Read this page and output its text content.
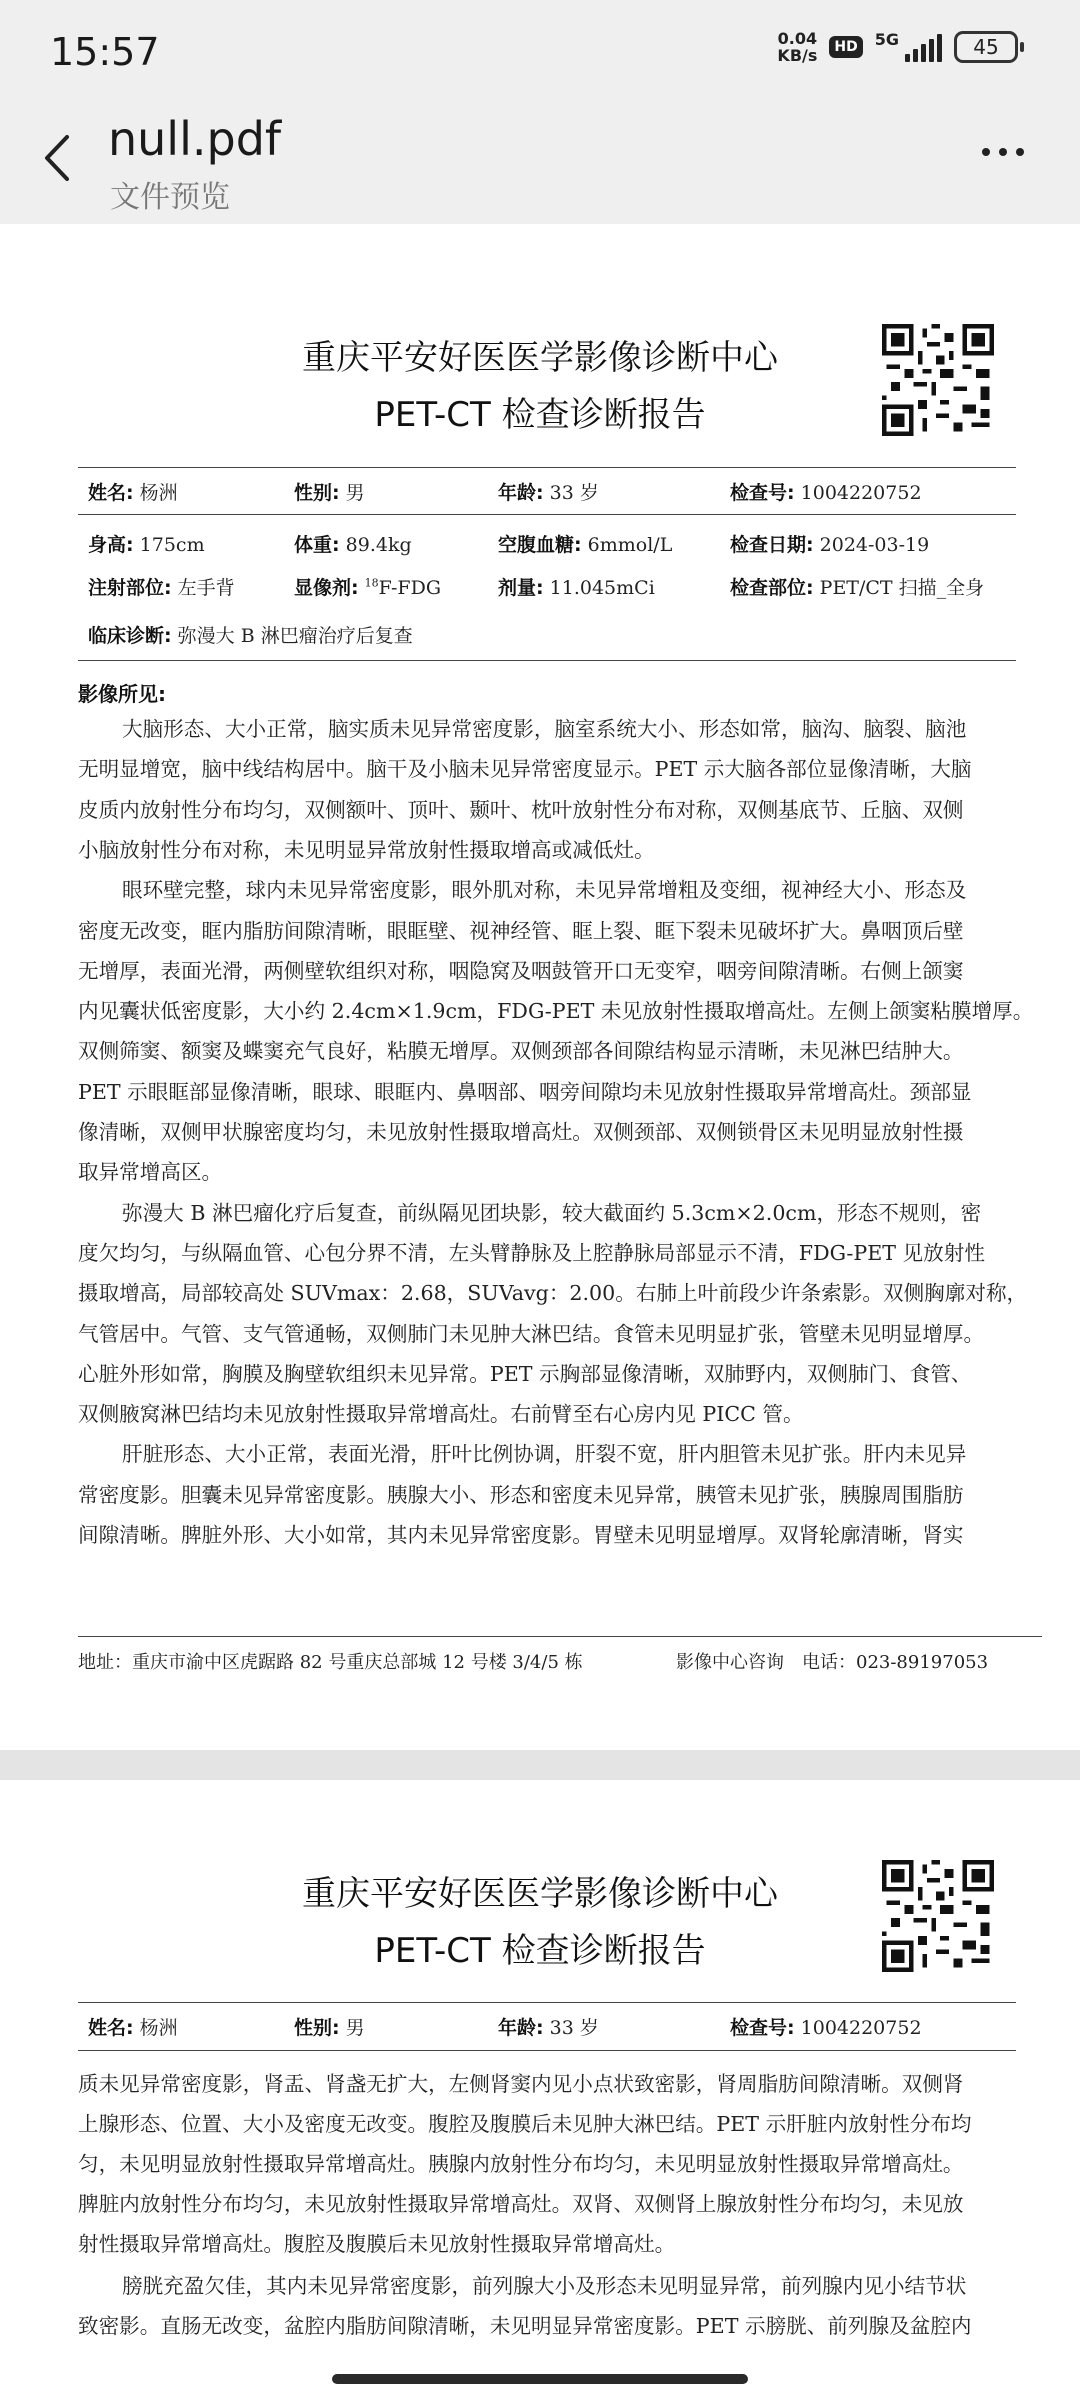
15:57	0.04
KB/s	HD	5G	45
null.pdf
文件预览
重庆平安好医医学影像诊断中心
PET-CT 检查诊断报告
姓名: 杨洲	性别: 男	年龄: 33 岁	检查号: 1004220752
身高: 175cm	体重: 89.4kg	空腹血糖: 6mmol/L	检查日期: 2024-03-19
注射部位: 左手背	显像剂: $^{18}$F-FDG	剂量: 11.045mCi	检查部位: PET/CT 扫描_全身
临床诊断: 弥漫大 B 淋巴瘤治疗后复查
影像所见:
重庆平安好医医学影像诊断中心
PET-CT 检查诊断报告
姓名: 杨洲	性别: 男	年龄: 33 岁	检查号: 1004220752
质未见异常密度影，肾盂、肾盏无扩大，左侧肾窦内见小点状致密影，肾周脂肪间隙清晰。双侧肾
上腺形态、位置、大小及密度无改变。腹腔及腹膜后未见肿大淋巴结。PET 示肝脏内放射性分布均
匀，未见明显放射性摄取异常增高灶。胰腺内放射性分布均匀，未见明显放射性摄取异常增高灶。
脾脏内放射性分布均匀，未见放射性摄取异常增高灶。双肾、双侧肾上腺放射性分布均匀，未见放
射性摄取异常增高灶。腹腔及腹膜后未见放射性摄取异常增高灶。
膀胱充盈欠佳，其内未见异常密度影，前列腺大小及形态未见明显异常，前列腺内见小结节状
致密影。直肠无改变，盆腔内脂肪间隙清晰，未见明显异常密度影。PET 示膀胱、前列腺及盆腔内
大脑形态、大小正常，脑实质未见异常密度影，脑室系统大小、形态如常，脑沟、脑裂、脑池
无明显增宽，脑中线结构居中。脑干及小脑未见异常密度显示。PET 示大脑各部位显像清晰，大脑
皮质内放射性分布均匀，双侧额叶、顶叶、颞叶、枕叶放射性分布对称，双侧基底节、丘脑、双侧
小脑放射性分布对称，未见明显异常放射性摄取增高或减低灶。
眼环壁完整，球内未见异常密度影，眼外肌对称，未见异常增粗及变细，视神经大小、形态及
密度无改变，眶内脂肪间隙清晰，眼眶壁、视神经管、眶上裂、眶下裂未见破坏扩大。鼻咽顶后壁
无增厚，表面光滑，两侧壁软组织对称，咽隐窝及咽鼓管开口无变窄，咽旁间隙清晰。右侧上颌窦
内见囊状低密度影，大小约 2.4cm×1.9cm，FDG-PET 未见放射性摄取增高灶。左侧上颌窦粘膜增厚。
双侧筛窦、额窦及蝶窦充气良好，粘膜无增厚。双侧颈部各间隙结构显示清晰，未见淋巴结肿大。
PET 示眼眶部显像清晰，眼球、眼眶内、鼻咽部、咽旁间隙均未见放射性摄取异常增高灶。颈部显
像清晰，双侧甲状腺密度均匀，未见放射性摄取增高灶。双侧颈部、双侧锁骨区未见明显放射性摄
取异常增高区。
弥漫大 B 淋巴瘤化疗后复查，前纵隔见团块影，较大截面约 5.3cm×2.0cm，形态不规则，密
度欠均匀，与纵隔血管、心包分界不清，左头臂静脉及上腔静脉局部显示不清，FDG-PET 见放射性
摄取增高，局部较高处 SUVmax：2.68，SUVavg：2.00。右肺上叶前段少许条索影。双侧胸廓对称，
气管居中。气管、支气管通畅，双侧肺门未见肿大淋巴结。食管未见明显扩张，管壁未见明显增厚。
心脏外形如常，胸膜及胸壁软组织未见异常。PET 示胸部显像清晰，双肺野内，双侧肺门、食管、
双侧腋窝淋巴结均未见放射性摄取异常增高灶。右前臂至右心房内见 PICC 管。
肝脏形态、大小正常，表面光滑，肝叶比例协调，肝裂不宽，肝内胆管未见扩张。肝内未见异
常密度影。胆囊未见异常密度影。胰腺大小、形态和密度未见异常，胰管未见扩张，胰腺周围脂肪
间隙清晰。脾脏外形、大小如常，其内未见异常密度影。胃壁未见明显增厚。双肾轮廓清晰，肾实
地址：重庆市渝中区虎踞路 82 号重庆总部城 12 号楼 3/4/5 栋	影像中心咨询　电话：023-89197053
